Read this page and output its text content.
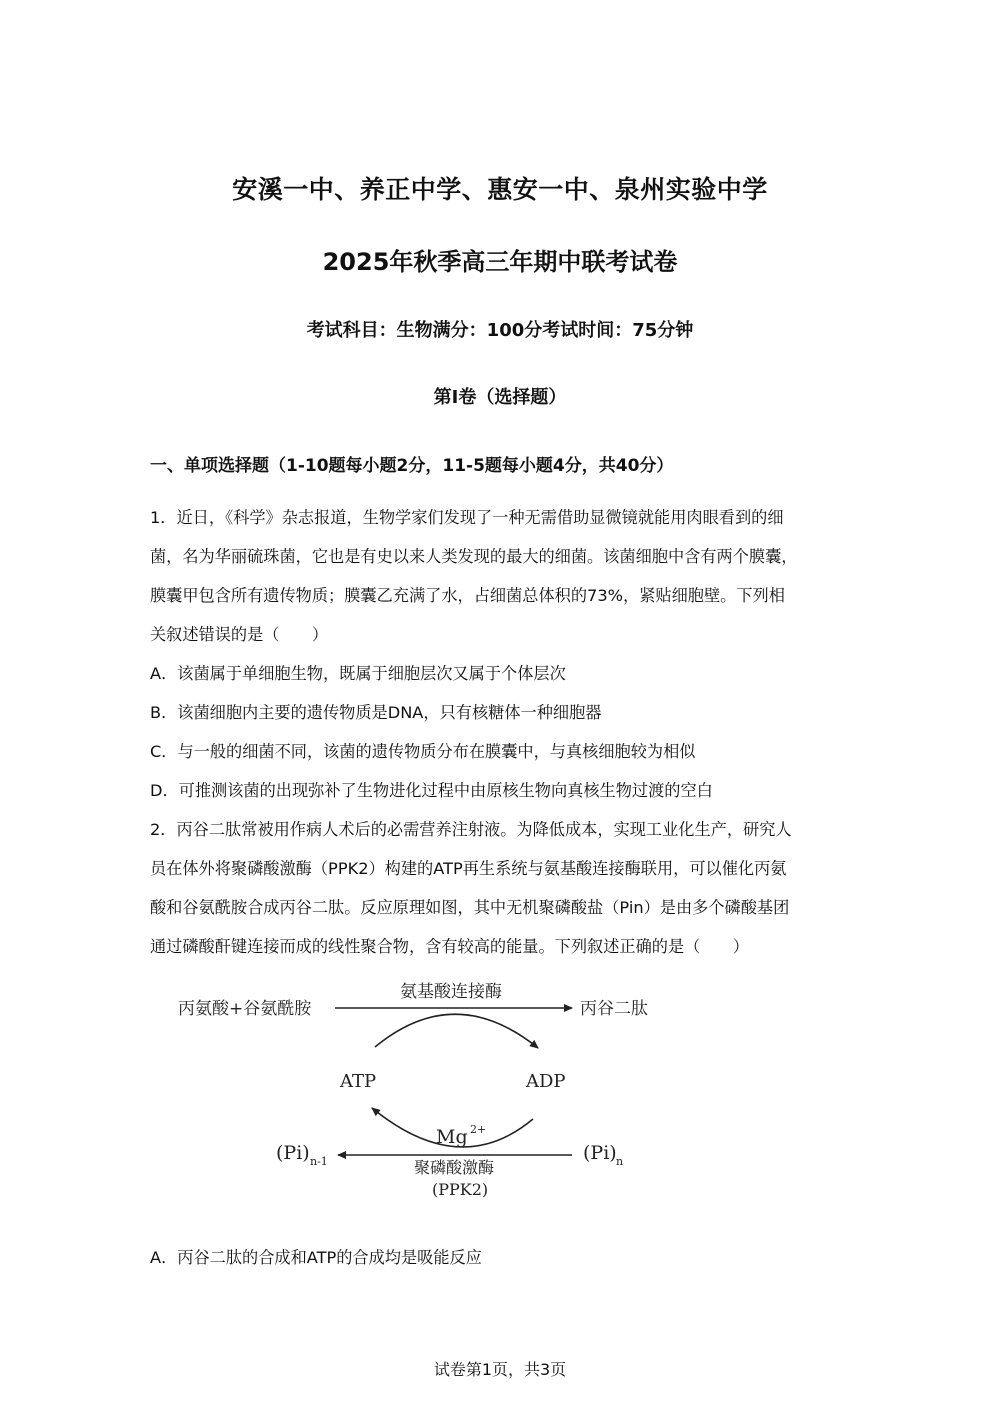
安溪一中、养正中学、惠安一中、泉州实验中学
2025年秋季高三年期中联考试卷
考试科目：生物满分：100分考试时间：75分钟
第I卷（选择题）
一、单项选择题（1-10题每小题2分，11-5题每小题4分，共40分）
1．近日，《科学》杂志报道，生物学家们发现了一种无需借助显微镜就能用肉眼看到的细
菌，名为华丽硫珠菌，它也是有史以来人类发现的最大的细菌。该菌细胞中含有两个膜囊，
膜囊甲包含所有遗传物质；膜囊乙充满了水，占细菌总体积的73%，紧贴细胞壁。下列相
关叙述错误的是（　　）
A．该菌属于单细胞生物，既属于细胞层次又属于个体层次
B．该菌细胞内主要的遗传物质是DNA，只有核糖体一种细胞器
C．与一般的细菌不同，该菌的遗传物质分布在膜囊中，与真核细胞较为相似
D．可推测该菌的出现弥补了生物进化过程中由原核生物向真核生物过渡的空白
2．丙谷二肽常被用作病人术后的必需营养注射液。为降低成本，实现工业化生产，研究人
员在体外将聚磷酸激酶（PPK2）构建的ATP再生系统与氨基酸连接酶联用，可以催化丙氨
酸和谷氨酰胺合成丙谷二肽。反应原理如图，其中无机聚磷酸盐（Pin）是由多个磷酸基团
通过磷酸酐键连接而成的线性聚合物，含有较高的能量。下列叙述正确的是（　　）
丙氨酸+谷氨酰胺
氨基酸连接酶
丙谷二肽
ATP	ADP
Mg 2+
(Pi) n-1	(Pi) n
聚磷酸激酶
(PPK2)
A．丙谷二肽的合成和ATP的合成均是吸能反应
试卷第1页，共3页
